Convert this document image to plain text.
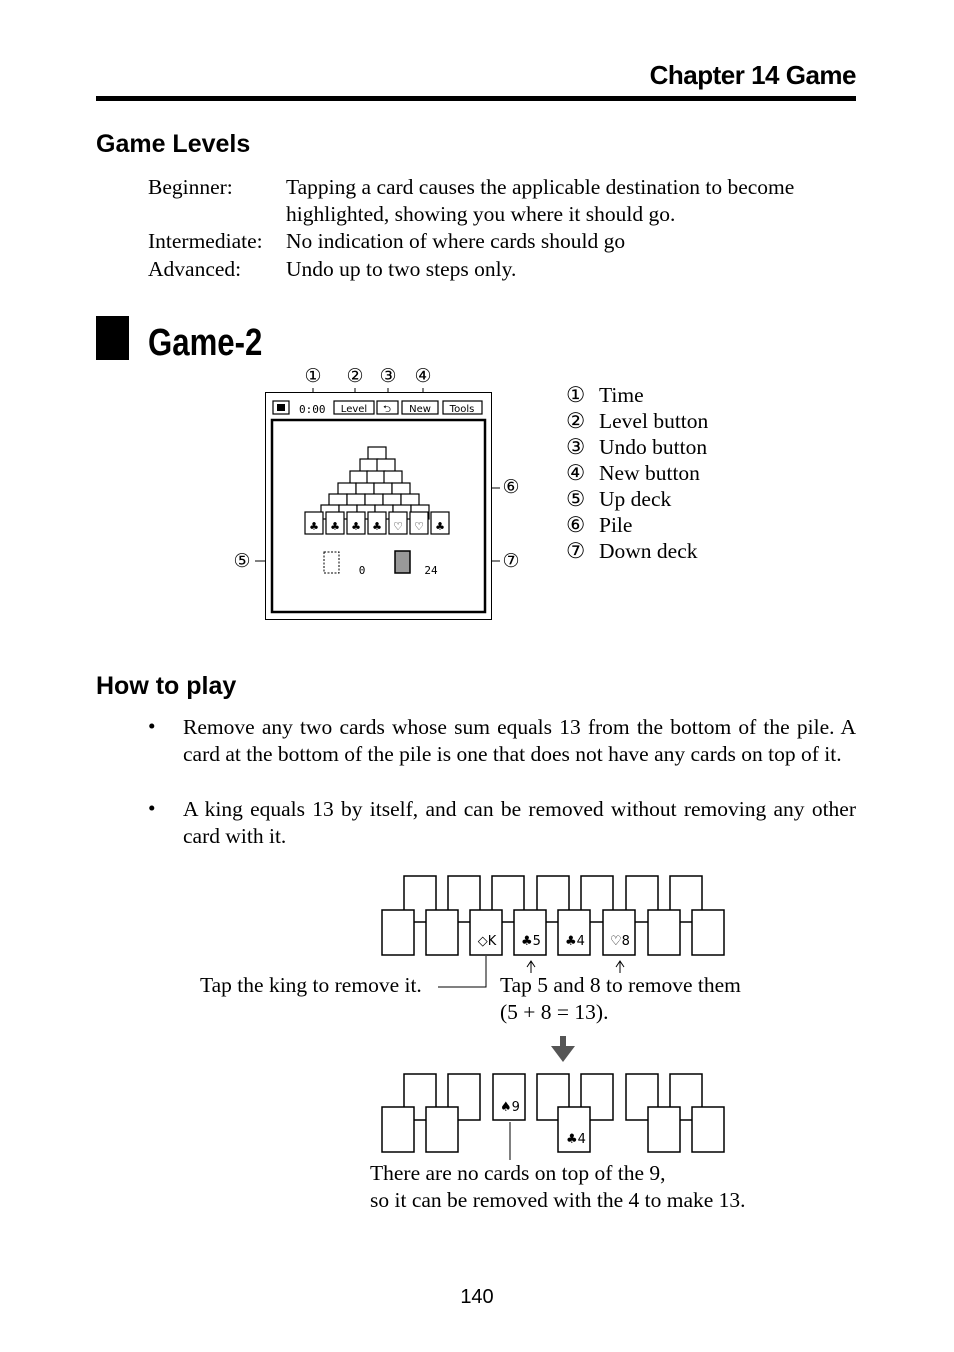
Chapter 14 Game
Game Levels
Beginner: Tapping a card causes the applicable destination to become highlighted, showing you where it should go.
Intermediate: No indication of where cards should go
Advanced: Undo up to two steps only.
Game-2
① ② ③ ④
⑤
⑥
⑦
0:00 Level ⮌ New Tools
♣ ♣ ♣ ♣ ♡ ♡ ♣
0	24
① Time
② Level button
③ Undo button
④ New button
⑤ Up deck
⑥ Pile
⑦ Down deck
How to play
• Remove any two cards whose sum equals 13 from the bottom of the pile. A card at the bottom of the pile is one that does not have any cards on top of it.
• A king equals 13 by itself, and can be removed without removing any other card with it.
◇K ♣5 ♣4 ♡8
♠9
♣4
Tap the king to remove it.	Tap 5 and 8 to remove them
(5 + 8 = 13).
There are no cards on top of the 9,
so it can be removed with the 4 to make 13.
140
